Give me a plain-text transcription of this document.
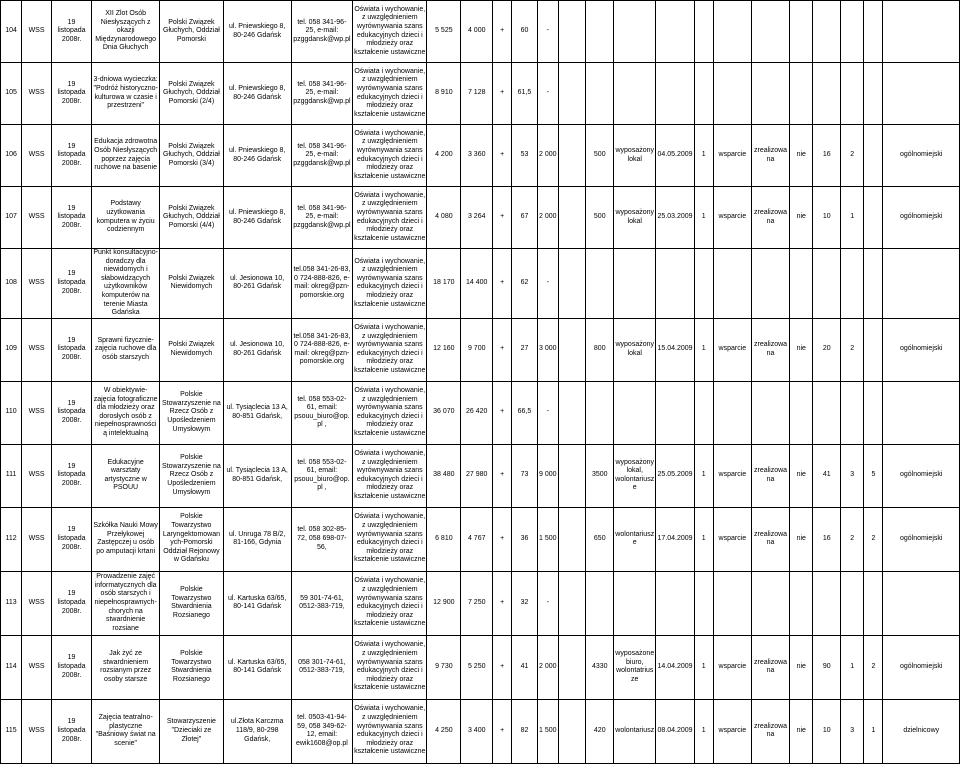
104	WSS	19 listopada 2008r.	XII Zlot Osób Niesłyszących z okazji Międzynarodowego Dnia Głuchych	Polski Związek Głuchych, Oddział Pomorski	ul. Pniewskiego 8, 80-246 Gdańsk	tel. 058 341-96-25, e-mail: pzggdansk@wp.pl	Oświata i wychowanie, z uwzględnieniem wyrównywania szans edukacyjnych dzieci i młodzieży oraz kształcenie ustawiczne	5 525	4 000	+	60	-												
105	WSS	19 listopada 2008r.	3-dniowa wycieczka: "Podróż historyczno-kulturowa w czasie i przestrzeni"	Polski Związek Głuchych, Oddział Pomorski (2/4)	ul. Pniewskiego 8, 80-246 Gdańsk	tel. 058 341-96-25, e-mail: pzggdansk@wp.pl	Oświata i wychowanie, z uwzględnieniem wyrównywania szans edukacyjnych dzieci i młodzieży oraz kształcenie ustawiczne	8 910	7 128	+	61,5	-												
106	WSS	19 listopada 2008r.	Edukacja zdrowotna Osób Niesłyszących poprzez zajęcia ruchowe na basenie	Polski Związek Głuchych, Oddział Pomorski (3/4)	ul. Pniewskiego 8, 80-246 Gdańsk	tel. 058 341-96-25, e-mail: pzggdansk@wp.pl	Oświata i wychowanie, z uwzględnieniem wyrównywania szans edukacyjnych dzieci i młodzieży oraz kształcenie ustawiczne	4 200	3 360	+	53	2 000		500	wyposażony lokal	04.05.2009	1	wsparcie	zrealizowana	nie	16	2		ogólnomiejski
107	WSS	19 listopada 2008r.	Podstawy użytkowania komputera w życiu codziennym	Polski Związek Głuchych, Oddział Pomorski (4/4)	ul. Pniewskiego 8, 80-246 Gdańsk	tel. 058 341-96-25, e-mail: pzggdansk@wp.pl	Oświata i wychowanie, z uwzględnieniem wyrównywania szans edukacyjnych dzieci i młodzieży oraz kształcenie ustawiczne	4 080	3 264	+	67	2 000		500	wyposażony lokal	25.03.2009	1	wsparcie	zrealizowana	nie	10	1		ogólnomiejski
108	WSS	19 listopada 2008r.	Punkt konsultacyjno-doradczy dla niewidomych i słabowidzących użytkowników komputerów na terenie Miasta Gdańska	Polski Związek Niewidomych	ul. Jesionowa 10, 80-261 Gdańsk	tel.058 341-26-83, 0 724-888-826, e-mail: okreg@pzn-pomorskie.org	Oświata i wychowanie, z uwzględnieniem wyrównywania szans edukacyjnych dzieci i młodzieży oraz kształcenie ustawiczne	18 170	14 400	+	62	-												
109	WSS	19 listopada 2008r.	Sprawni fizycznie-zajęcia ruchowe dla osób starszych	Polski Związek Niewidomych	ul. Jesionowa 10, 80-261 Gdańsk	tel.058 341-26-83, 0 724-888-826, e-mail: okreg@pzn-pomorskie.org	Oświata i wychowanie, z uwzględnieniem wyrównywania szans edukacyjnych dzieci i młodzieży oraz kształcenie ustawiczne	12 160	9 700	+	27	3 000		800	wyposażony lokal	15.04.2009	1	wsparcie	zrealizowana	nie	20	2		ogólnomiejski
110	WSS	19 listopada 2008r.	W obiektywie-zajęcia fotograficzne dla młodzieży oraz dorosłych osób z niepełnosprawnością intelektualną	Polskie Stowarzyszenie na Rzecz Osób z Upośledzeniem Umysłowym	ul. Tysiąclecia 13 A, 80-851 Gdańsk,	tel. 058 553-02-61, email: psouu_biuro@op.pl ,	Oświata i wychowanie, z uwzględnieniem wyrównywania szans edukacyjnych dzieci i młodzieży oraz kształcenie ustawiczne	36 070	26 420	+	66,5	-												
111	WSS	19 listopada 2008r.	Edukacyjne warsztaty artystyczne w PSOUU	Polskie Stowarzyszenie na Rzecz Osób z Upośledzeniem Umysłowym	ul. Tysiąclecia 13 A, 80-851 Gdańsk,	tel. 058 553-02-61, email: psouu_biuro@op.pl ,	Oświata i wychowanie, z uwzględnieniem wyrównywania szans edukacyjnych dzieci i młodzieży oraz kształcenie ustawiczne	38 480	27 980	+	73	9 000		3500	wyposażony lokal, wolontariusze	25.05.2009	1	wsparcie	zrealizowana	nie	41	3	5	ogólnomiejski
112	WSS	19 listopada 2008r.	Szkółka Nauki Mowy Przełykowej Zastępczej u osób po amputacji krtani	Polskie Towarzystwo Laryngektomowanych-Pomorski Oddział Rejonowy w Gdańsku	ul. Unruga 78 B/2, 81-166, Gdynia	tel. 058 302-85-72, 058 698-07-56,	Oświata i wychowanie, z uwzględnieniem wyrównywania szans edukacyjnych dzieci i młodzieży oraz kształcenie ustawiczne	6 810	4 767	+	36	1 500		650	wolontariusze	17.04.2009	1	wsparcie	zrealizowana	nie	16	2	2	ogólnomiejski
113	WSS	19 listopada 2008r.	Prowadzenie zajęć informatycznych dla osób starszych i niepełnosprawnych-chorych na stwardnienie rozsiane	Polskie Towarzystwo Stwardnienia Rozsianego	ul. Kartuska 63/65, 80-141 Gdańsk	59 301-74-61, 0512-383-719,	Oświata i wychowanie, z uwzględnieniem wyrównywania szans edukacyjnych dzieci i młodzieży oraz kształcenie ustawiczne	12 900	7 250	+	32	-												
114	WSS	19 listopada 2008r.	Jak żyć ze stwardnieniem rozsianym przez osoby starsze	Polskie Towarzystwo Stwardnienia Rozsianego	ul. Kartuska 63/65, 80-141 Gdańsk	058 301-74-61, 0512-383-719,	Oświata i wychowanie, z uwzględnieniem wyrównywania szans edukacyjnych dzieci i młodzieży oraz kształcenie ustawiczne	9 730	5 250	+	41	2 000		4330	wyposażone biuro, wolontatriusze	14.04.2009	1	wsparcie	zrealizowana	nie	90	1	2	ogólnomiejski
115	WSS	19 listopada 2008r.	Zajęcia teatralno-plastyczne "Baśniowy świat na scenie"	Stowarzyszenie "Dzieciaki ze Złotej"	ul.Złota Karczma 118/9, 80-298 Gdańsk,	tel. 0503-41-94-59, 058 349-62-12, email: ewik1608@op.pl	Oświata i wychowanie, z uwzględnieniem wyrównywania szans edukacyjnych dzieci i młodzieży oraz kształcenie ustawiczne	4 250	3 400	+	82	1 500		420	wolontariusz	08.04.2009	1	wsparcie	zrealizowana	nie	10	3	1	dzielnicowy
